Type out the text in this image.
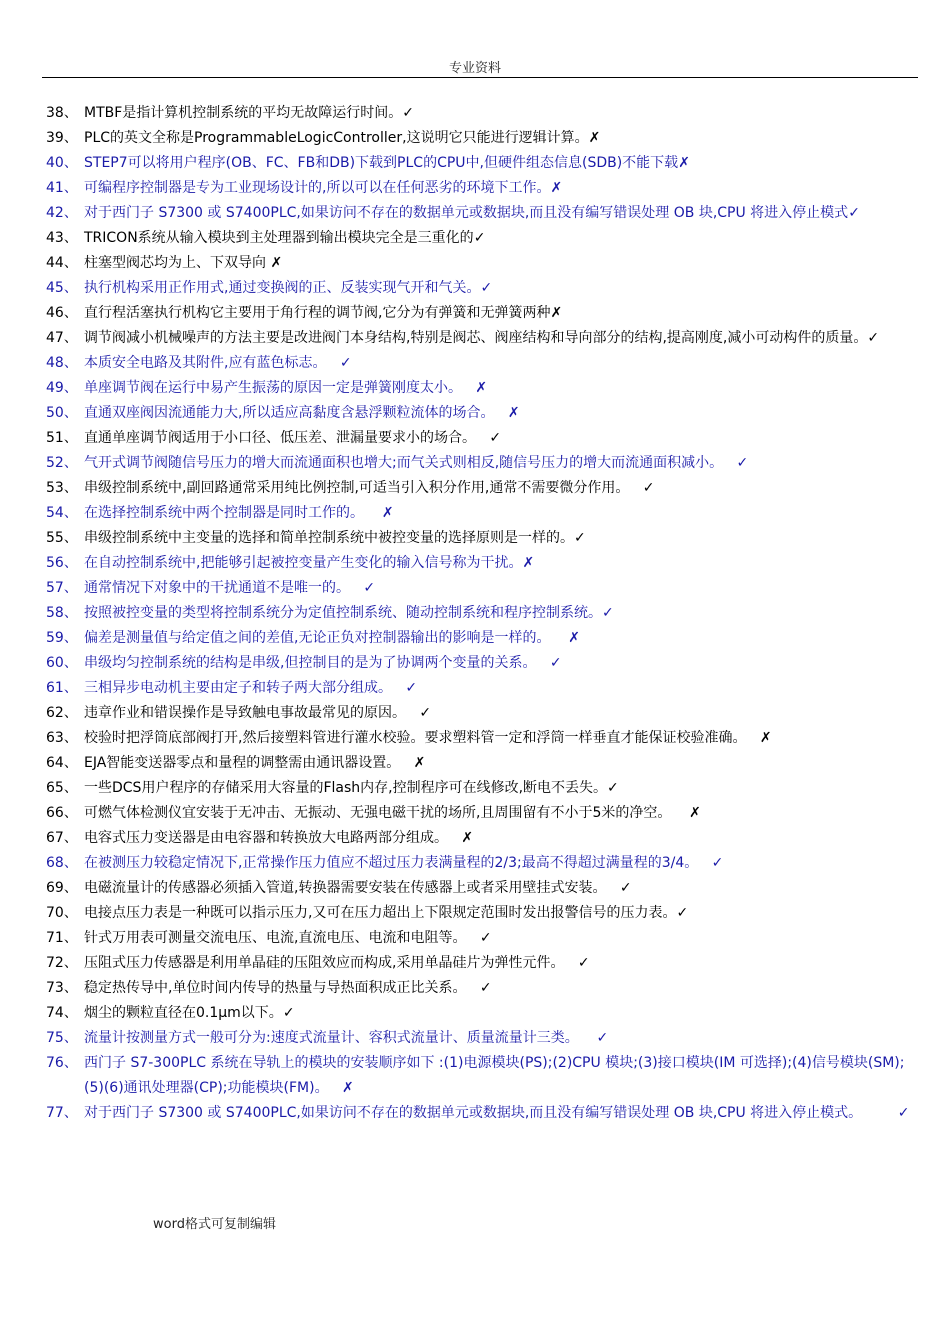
专业资料
38、 MTBF是指计算机控制系统的平均无故障运行时间。✓
39、 PLC的英文全称是ProgrammableLogicController,这说明它只能进行逻辑计算。✗
40、 STEP7可以将用户程序(OB、FC、FB和DB)下载到PLC的CPU中,但硬件组态信息(SDB)不能下载✗
41、 可编程序控制器是专为工业现场设计的,所以可以在任何恶劣的环境下工作。✗
42、 对于西门子 S7300 或 S7400PLC,如果访问不存在的数据单元或数据块,而且没有编写错误处理 OB 块,CPU 将进入停止模式✓
43、 TRICON系统从输入模块到主处理器到输出模块完全是三重化的✓
44、 柱塞型阀芯均为上、下双导向 ✗
45、 执行机构采用正作用式,通过变换阀的正、反装实现气开和气关。✓
46、 直行程活塞执行机构它主要用于角行程的调节阀,它分为有弹簧和无弹簧两种✗
47、 调节阀减小机械噪声的方法主要是改进阀门本身结构,特别是阀芯、阀座结构和导向部分的结构,提高刚度,减小可动构件的质量。✓
48、 本质安全电路及其附件,应有蓝色标志。   ✓
49、 单座调节阀在运行中易产生振荡的原因一定是弹簧刚度太小。   ✗
50、 直通双座阀因流通能力大,所以适应高黏度含悬浮颗粒流体的场合。   ✗
51、 直通单座调节阀适用于小口径、低压差、泄漏量要求小的场合。   ✓
52、 气开式调节阀随信号压力的增大而流通面积也增大;而气关式则相反,随信号压力的增大而流通面积减小。   ✓
53、 串级控制系统中,副回路通常采用纯比例控制,可适当引入积分作用,通常不需要微分作用。   ✓
54、 在选择控制系统中两个控制器是同时工作的。    ✗
55、 串级控制系统中主变量的选择和简单控制系统中被控变量的选择原则是一样的。✓
56、 在自动控制系统中,把能够引起被控变量产生变化的输入信号称为干扰。✗
57、 通常情况下对象中的干扰通道不是唯一的。   ✓
58、 按照被控变量的类型将控制系统分为定值控制系统、随动控制系统和程序控制系统。✓
59、 偏差是测量值与给定值之间的差值,无论正负对控制器输出的影响是一样的。    ✗
60、 串级均匀控制系统的结构是串级,但控制目的是为了协调两个变量的关系。   ✓
61、 三相异步电动机主要由定子和转子两大部分组成。   ✓
62、 违章作业和错误操作是导致触电事故最常见的原因。   ✓
63、 校验时把浮筒底部阀打开,然后接塑料管进行灌水校验。要求塑料管一定和浮筒一样垂直才能保证校验准确。   ✗
64、 EJA智能变送器零点和量程的调整需由通讯器设置。   ✗
65、 一些DCS用户程序的存储采用大容量的Flash内存,控制程序可在线修改,断电不丢失。✓
66、 可燃气体检测仪宜安装于无冲击、无振动、无强电磁干扰的场所,且周围留有不小于5米的净空。    ✗
67、 电容式压力变送器是由电容器和转换放大电路两部分组成。   ✗
68、 在被测压力较稳定情况下,正常操作压力值应不超过压力表满量程的2/3;最高不得超过满量程的3/4。   ✓
69、 电磁流量计的传感器必须插入管道,转换器需要安装在传感器上或者采用壁挂式安装。   ✓
70、 电接点压力表是一种既可以指示压力,又可在压力超出上下限规定范围时发出报警信号的压力表。✓
71、 针式万用表可测量交流电压、电流,直流电压、电流和电阻等。   ✓
72、 压阻式压力传感器是利用单晶硅的压阻效应而构成,采用单晶硅片为弹性元件。   ✓
73、 稳定热传导中,单位时间内传导的热量与导热面积成正比关系。   ✓
74、 烟尘的颗粒直径在0.1μm以下。✓
75、 流量计按测量方式一般可分为:速度式流量计、容积式流量计、质量流量计三类。    ✓
76、 西门子 S7-300PLC 系统在导轨上的模块的安装顺序如下 :(1)电源模块(PS);(2)CPU 模块;(3)接口模块(IM 可选择);(4)信号模块(SM);(5)(6)通讯处理器(CP);功能模块(FM)。   ✗
77、 对于西门子 S7300 或 S7400PLC,如果访问不存在的数据单元或数据块,而且没有编写错误处理 OB 块,CPU 将进入停止模式。        ✓
word格式可复制编辑
